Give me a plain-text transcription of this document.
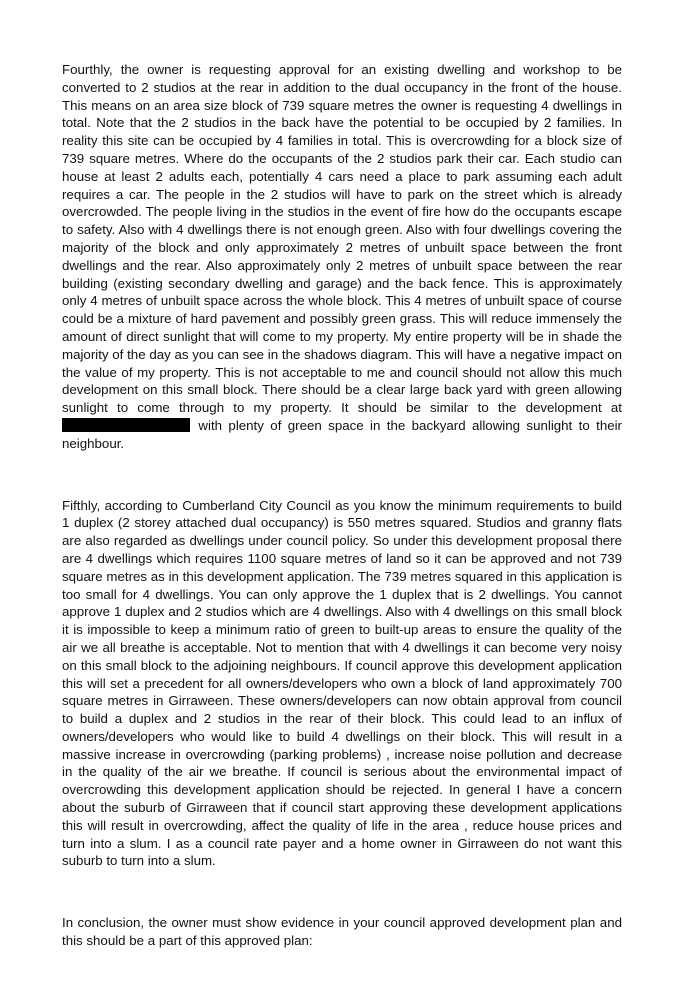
Fourthly, the owner is requesting approval for an existing dwelling and workshop to be converted to 2 studios at the rear in addition to the dual occupancy in the front of the house. This means on an area size block of 739 square metres the owner is requesting 4 dwellings in total. Note that the 2 studios in the back have the potential to be occupied by 2 families. In reality this site can be occupied by 4 families in total. This is overcrowding for a block size of 739 square metres. Where do the occupants of the 2 studios park their car. Each studio can house at least 2 adults each, potentially 4 cars need a place to park assuming each adult requires a car. The people in the 2 studios will have to park on the street which is already overcrowded. The people living in the studios in the event of fire how do the occupants escape to safety. Also with 4 dwellings there is not enough green. Also with four dwellings covering the majority of the block and only approximately 2 metres of unbuilt space between the front dwellings and the rear. Also approximately only 2 metres of unbuilt space between the rear building (existing secondary dwelling and garage) and the back fence. This is approximately only 4 metres of unbuilt space across the whole block. This 4 metres of unbuilt space of course could be a mixture of hard pavement and possibly green grass. This will reduce immensely the amount of direct sunlight that will come to my property. My entire property will be in shade the majority of the day as you can see in the shadows diagram. This will have a negative impact on the value of my property. This is not acceptable to me and council should not allow this much development on this small block. There should be a clear large back yard with green allowing sunlight to come through to my property. It should be similar to the development at  with plenty of green space in the backyard allowing sunlight to their neighbour.

Fifthly, according to Cumberland City Council as you know the minimum requirements to build 1 duplex (2 storey attached dual occupancy) is 550 metres squared. Studios and granny flats are also regarded as dwellings under council policy. So under this development proposal there are 4 dwellings which requires 1100 square metres of land so it can be approved and not 739 square metres as in this development application. The 739 metres squared in this application is too small for 4 dwellings. You can only approve the 1 duplex that is 2 dwellings. You cannot approve 1 duplex and 2 studios which are 4 dwellings. Also with 4 dwellings on this small block it is impossible to keep a minimum ratio of green to built-up areas to ensure the quality of the air we all breathe is acceptable. Not to mention that with 4 dwellings it can become very noisy on this small block to the adjoining neighbours. If council approve this development application this will set a precedent for all owners/developers who own a block of land approximately 700 square metres in Girraween. These owners/developers can now obtain approval from council to build a duplex and 2 studios in the rear of their block. This could lead to an influx of owners/developers who would like to build 4 dwellings on their block. This will result in a massive increase in overcrowding (parking problems) , increase noise pollution and decrease in the quality of the air we breathe. If council is serious about the environmental impact of overcrowding this development application should be rejected. In general I have a concern about the suburb of Girraween that if council start approving these development applications this will result in overcrowding, affect the quality of life in the area , reduce house prices and turn into a slum. I as a council rate payer and a home owner in Girraween do not want this suburb to turn into a slum.

In conclusion, the owner must show evidence in your council approved development plan and this should be a part of this approved plan:
